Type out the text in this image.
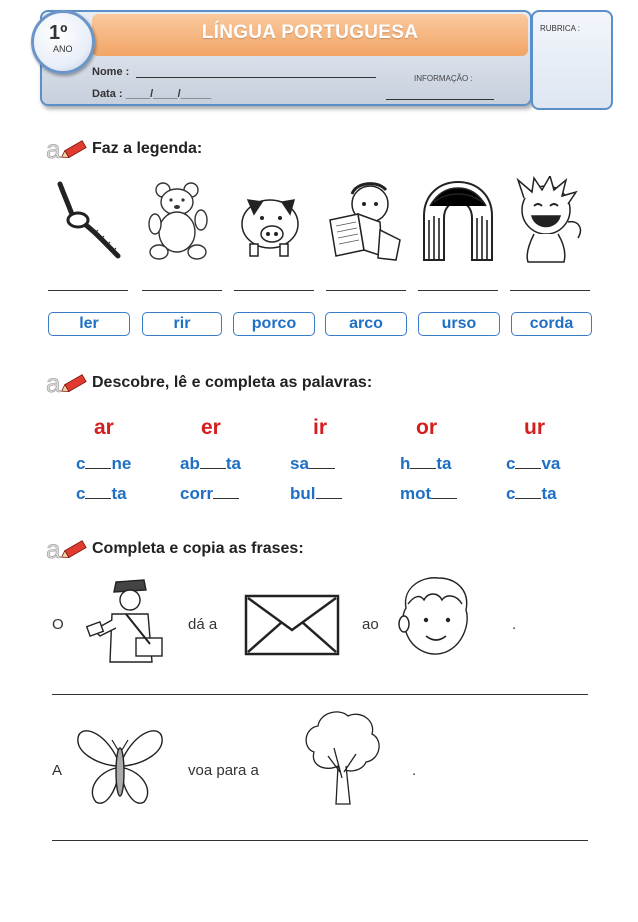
LÍNGUA PORTUGUESA
1º
ANO
Nome :
Data : ____/____/_____
INFORMAÇÃO :
RUBRICA :
a Faz a legenda:
ler	rir	porco	arco	urso	corda
a Descobre, lê e completa as palavras:
ar	er	ir	or	ur
c ne	ab ta	sa	h ta	c va
c ta	corr	bul	mot	c ta
a Completa e copia as frases:
O	dá a	ao	.
A	voa para a	.
